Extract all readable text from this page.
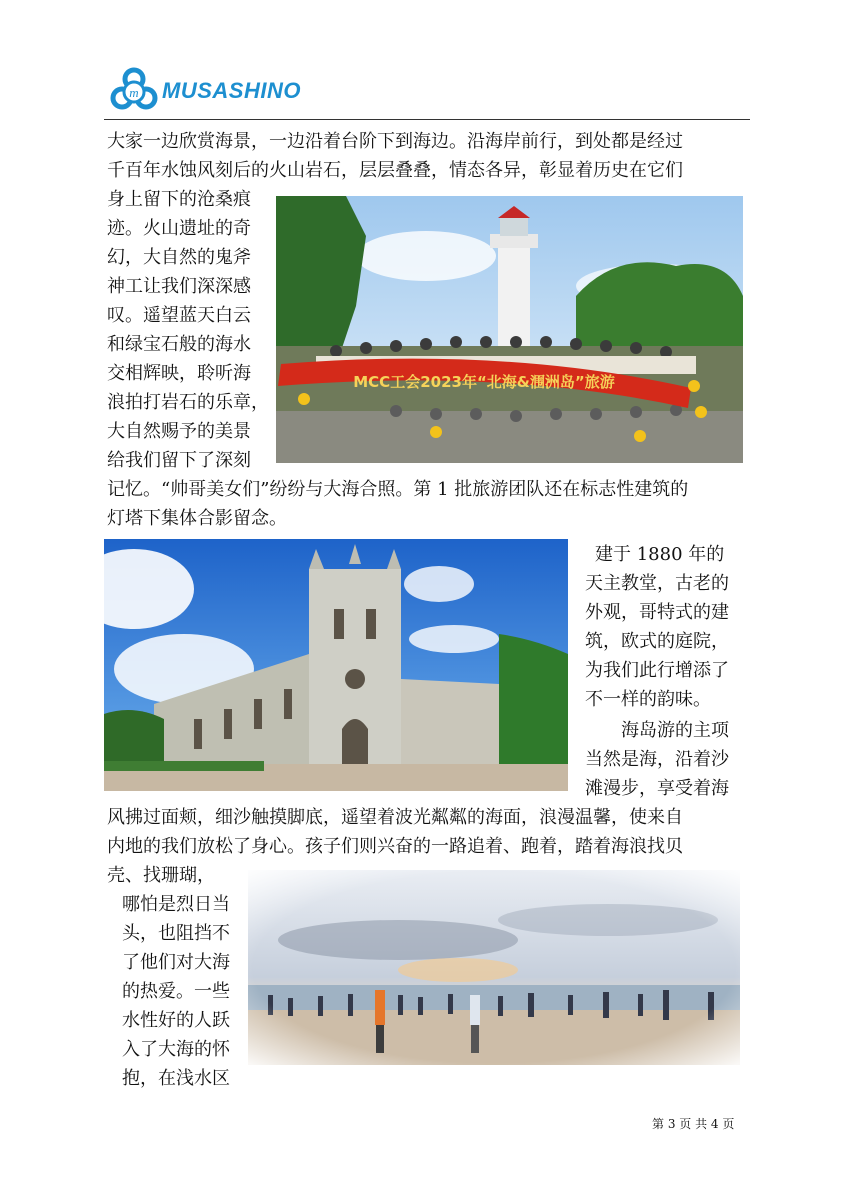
m MUSASHINO
大家一边欣赏海景，一边沿着台阶下到海边。沿海岸前行，到处都是经过
千百年水蚀风刻后的火山岩石，层层叠叠，情态各异，彰显着历史在它们
身上留下的沧桑痕
迹。火山遗址的奇
幻，大自然的鬼斧
神工让我们深深感
叹。遥望蓝天白云
和绿宝石般的海水
交相辉映，聆听海
浪拍打岩石的乐章，
大自然赐予的美景
给我们留下了深刻
记忆。“帅哥美女们”纷纷与大海合照。第 1 批旅游团队还在标志性建筑的
灯塔下集体合影留念。
MCC工会2023年“北海&涠洲岛”旅游
建于 1880 年的
天主教堂，古老的
外观，哥特式的建
筑，欧式的庭院，
为我们此行增添了
不一样的韵味。
海岛游的主项
当然是海，沿着沙
滩漫步，享受着海
风拂过面颊，细沙触摸脚底，遥望着波光粼粼的海面，浪漫温馨，使来自
内地的我们放松了身心。孩子们则兴奋的一路追着、跑着，踏着海浪找贝
壳、找珊瑚，
哪怕是烈日当
头，也阻挡不
了他们对大海
的热爱。一些
水性好的人跃
入了大海的怀
抱，在浅水区
第 3 页 共 4 页
